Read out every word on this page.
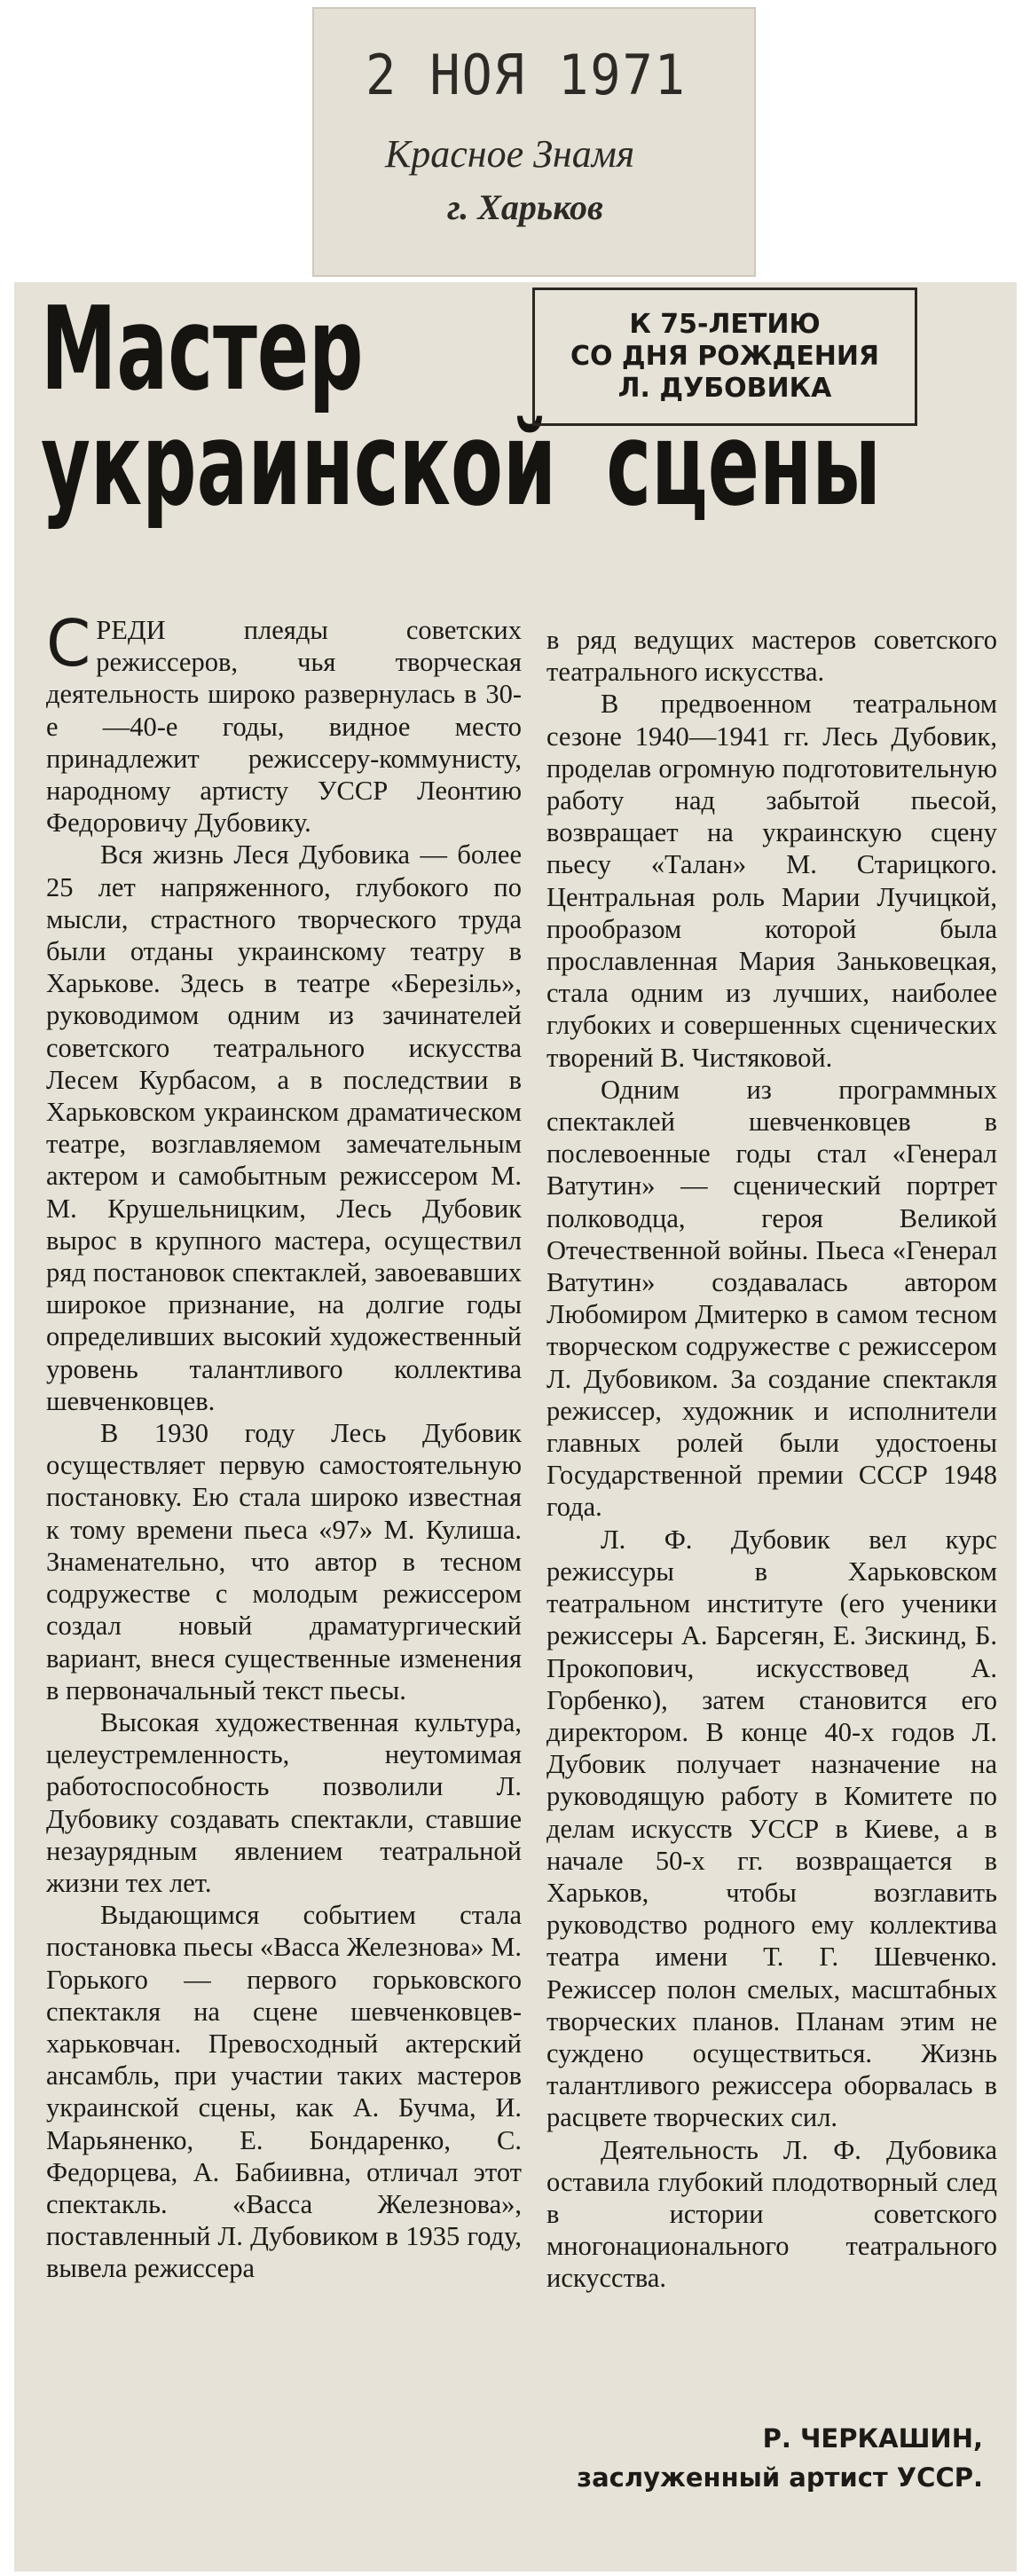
2 НОЯ 1971
Красное Знамя
г. Харьков
Мастер
украинской сцены
К 75-ЛЕТИЮ
СО ДНЯ РОЖДЕНИЯ
Л. ДУБОВИКА

СРЕДИ плеяды советских режиссеров, чья творческая деятельность широко развернулась в 30-е —40-е годы, видное место принадлежит режиссеру-коммунисту, народному артисту УССР Леонтию Федоровичу Дубовику.

Вся жизнь Леся Дубовика — более 25 лет напряженного, глубокого по мысли, страстного творческого труда были отданы украинскому театру в Харькове. Здесь в театре «Березіль», руководимом одним из зачинателей советского театрального искусства Лесем Курбасом, а в последствии в Харьковском украинском драматическом театре, возглавляемом замечательным актером и самобытным режиссером М. М. Крушельницким, Лесь Дубовик вырос в крупного мастера, осуществил ряд постановок спектаклей, завоевавших широкое признание, на долгие годы определивших высокий художественный уровень талантливого коллектива шевченковцев.

В 1930 году Лесь Дубовик осуществляет первую самостоятельную постановку. Ею стала широко известная к тому времени пьеса «97» М. Кулиша. Знаменательно, что автор в тесном содружестве с молодым режиссером создал новый драматургический вариант, внеся существенные изменения в первоначальный текст пьесы.

Высокая художественная культура, целеустремленность, неутомимая работоспособность позволили Л. Дубовику создавать спектакли, ставшие незаурядным явлением театральной жизни тех лет.

Выдающимся событием стала постановка пьесы «Васса Железнова» М. Горького — первого горьковского спектакля на сцене шевченковцев-харьковчан. Превосходный актерский ансамбль, при участии таких мастеров украинской сцены, как А. Бучма, И. Марьяненко, Е. Бондаренко, С. Федорцева, А. Бабиивна, отличал этот спектакль. «Васса Железнова», поставленный Л. Дубовиком в 1935 году, вывела режиссера

в ряд ведущих мастеров советского театрального искусства.

В предвоенном театральном сезоне 1940—1941 гг. Лесь Дубовик, проделав огромную подготовительную работу над забытой пьесой, возвращает на украинскую сцену пьесу «Талан» М. Старицкого. Центральная роль Марии Лучицкой, прообразом которой была прославленная Мария Заньковецкая, стала одним из лучших, наиболее глубоких и совершенных сценических творений В. Чистяковой.

Одним из программных спектаклей шевченковцев в послевоенные годы стал «Генерал Ватутин» — сценический портрет полководца, героя Великой Отечественной войны. Пьеса «Генерал Ватутин» создавалась автором Любомиром Дмитерко в самом тесном творческом содружестве с режиссером Л. Дубовиком. За создание спектакля режиссер, художник и исполнители главных ролей были удостоены Государственной премии СССР 1948 года.

Л. Ф. Дубовик вел курс режиссуры в Харьковском театральном институте (его ученики режиссеры А. Барсегян, Е. Зискинд, Б. Прокопович, искусствовед А. Горбенко), затем становится его директором. В конце 40-х годов Л. Дубовик получает назначение на руководящую работу в Комитете по делам искусств УССР в Киеве, а в начале 50-х гг. возвращается в Харьков, чтобы возглавить руководство родного ему коллектива театра имени Т. Г. Шевченко. Режиссер полон смелых, масштабных творческих планов. Планам этим не суждено осуществиться. Жизнь талантливого режиссера оборвалась в расцвете творческих сил.

Деятельность Л. Ф. Дубовика оставила глубокий плодотворный след в истории советского многонационального театрального искусства.

Р. ЧЕРКАШИН,
заслуженный артист УССР.
